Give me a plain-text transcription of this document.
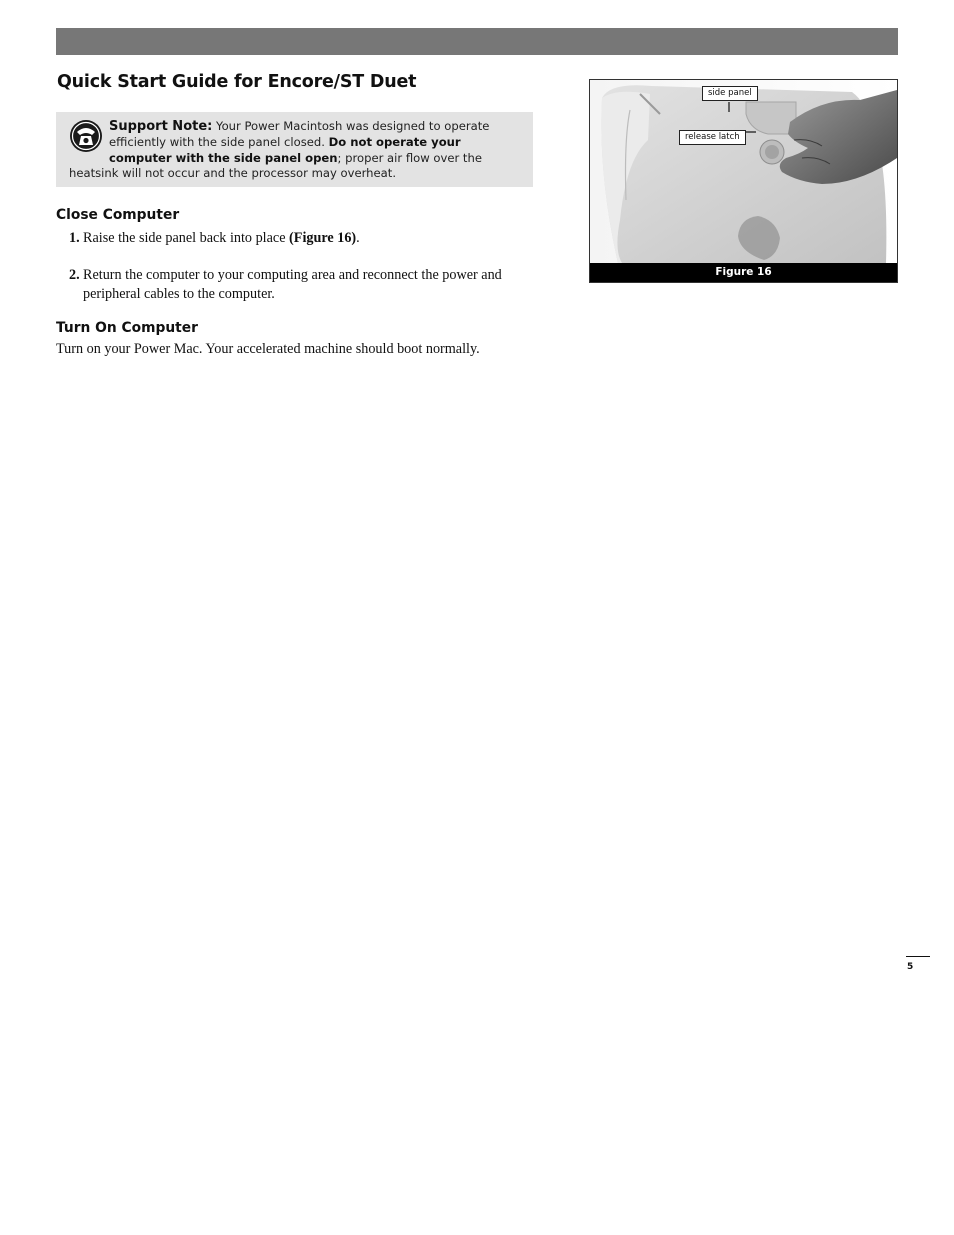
Quick Start Guide for Encore/ST Duet
Support Note: Your Power Macintosh was designed to operate efficiently with the side panel closed. Do not operate your computer with the side panel open; proper air flow over the heatsink will not occur and the processor may overheat.
Close Computer
1. Raise the side panel back into place (Figure 16).
2. Return the computer to your computing area and reconnect the power and peripheral cables to the computer.
Turn On Computer
Turn on your Power Mac. Your accelerated machine should boot normally.
side panel
release latch
Figure 16
5
